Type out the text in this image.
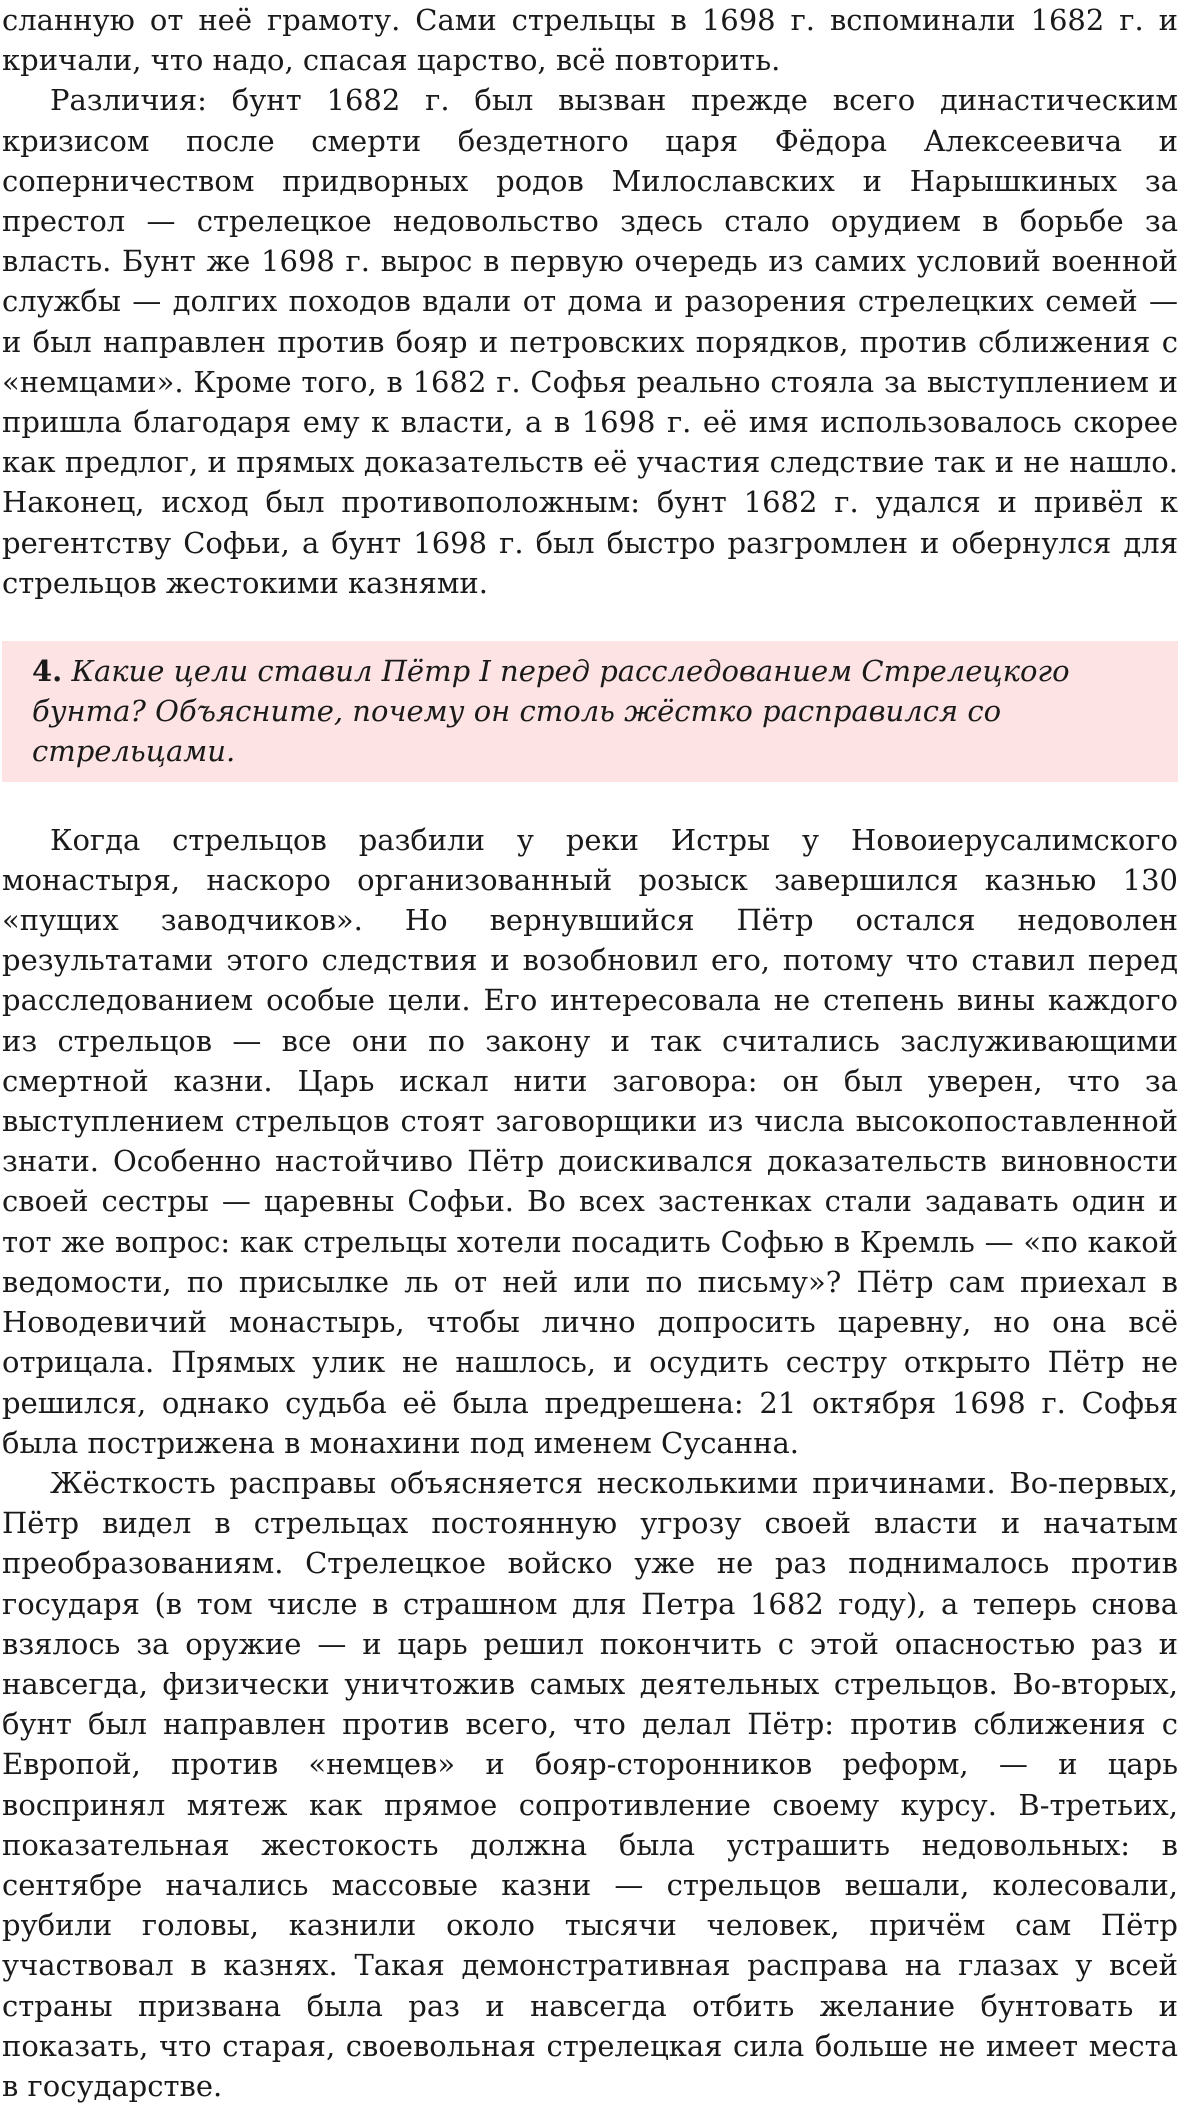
сланную от неё грамоту. Сами стрельцы в 1698 г. вспоминали 1682 г. и кричали, что надо, спасая царство, всё повторить.

Различия: бунт 1682 г. был вызван прежде всего династическим кризисом после смерти бездетного царя Фёдора Алексеевича и соперничеством придворных родов Милославских и Нарышкиных за престол — стрелецкое недовольство здесь стало орудием в борьбе за власть. Бунт же 1698 г. вырос в первую очередь из самих условий военной службы — долгих походов вдали от дома и разорения стрелецких семей — и был направлен против бояр и петровских порядков, против сближения с «немцами». Кроме того, в 1682 г. Софья реально стояла за выступлением и пришла благодаря ему к власти, а в 1698 г. её имя использовалось скорее как предлог, и прямых доказательств её участия следствие так и не нашло. Наконец, исход был противоположным: бунт 1682 г. удался и привёл к регентству Софьи, а бунт 1698 г. был быстро разгромлен и обернулся для стрельцов жестокими казнями.

4. Какие цели ставил Пётр I перед расследованием Стрелецкого бунта? Объясните, почему он столь жёстко расправился со стрельцами.

Когда стрельцов разбили у реки Истры у Новоиерусалимского монастыря, наскоро организованный розыск завершился казнью 130 «пущих заводчиков». Но вернувшийся Пётр остался недоволен результатами этого следствия и возобновил его, потому что ставил перед расследованием особые цели. Его интересовала не степень вины каждого из стрельцов — все они по закону и так считались заслуживающими смертной казни. Царь искал нити заговора: он был уверен, что за выступлением стрельцов стоят заговорщики из числа высокопоставленной знати. Особенно настойчиво Пётр доискивался доказательств виновности своей сестры — царевны Софьи. Во всех застенках стали задавать один и тот же вопрос: как стрельцы хотели посадить Софью в Кремль — «по какой ведомости, по присылке ль от ней или по письму»? Пётр сам приехал в Новодевичий монастырь, чтобы лично допросить царевну, но она всё отрицала. Прямых улик не нашлось, и осудить сестру открыто Пётр не решился, однако судьба её была предрешена: 21 октября 1698 г. Софья была пострижена в монахини под именем Сусанна.

Жёсткость расправы объясняется несколькими причинами. Во-первых, Пётр видел в стрельцах постоянную угрозу своей власти и начатым преобразованиям. Стрелецкое войско уже не раз поднималось против государя (в том числе в страшном для Петра 1682 году), а теперь снова взялось за оружие — и царь решил покончить с этой опасностью раз и навсегда, физически уничтожив самых деятельных стрельцов. Во-вторых, бунт был направлен против всего, что делал Пётр: против сближения с Европой, против «немцев» и бояр-сторонников реформ, — и царь воспринял мятеж как прямое сопротивление своему курсу. В-третьих, показательная жестокость должна была устрашить недовольных: в сентябре начались массовые казни — стрельцов вешали, колесовали, рубили головы, казнили около тысячи человек, причём сам Пётр участвовал в казнях. Такая демонстративная расправа на глазах у всей страны призвана была раз и навсегда отбить желание бунтовать и показать, что старая, своевольная стрелецкая сила больше не имеет места в государстве.
